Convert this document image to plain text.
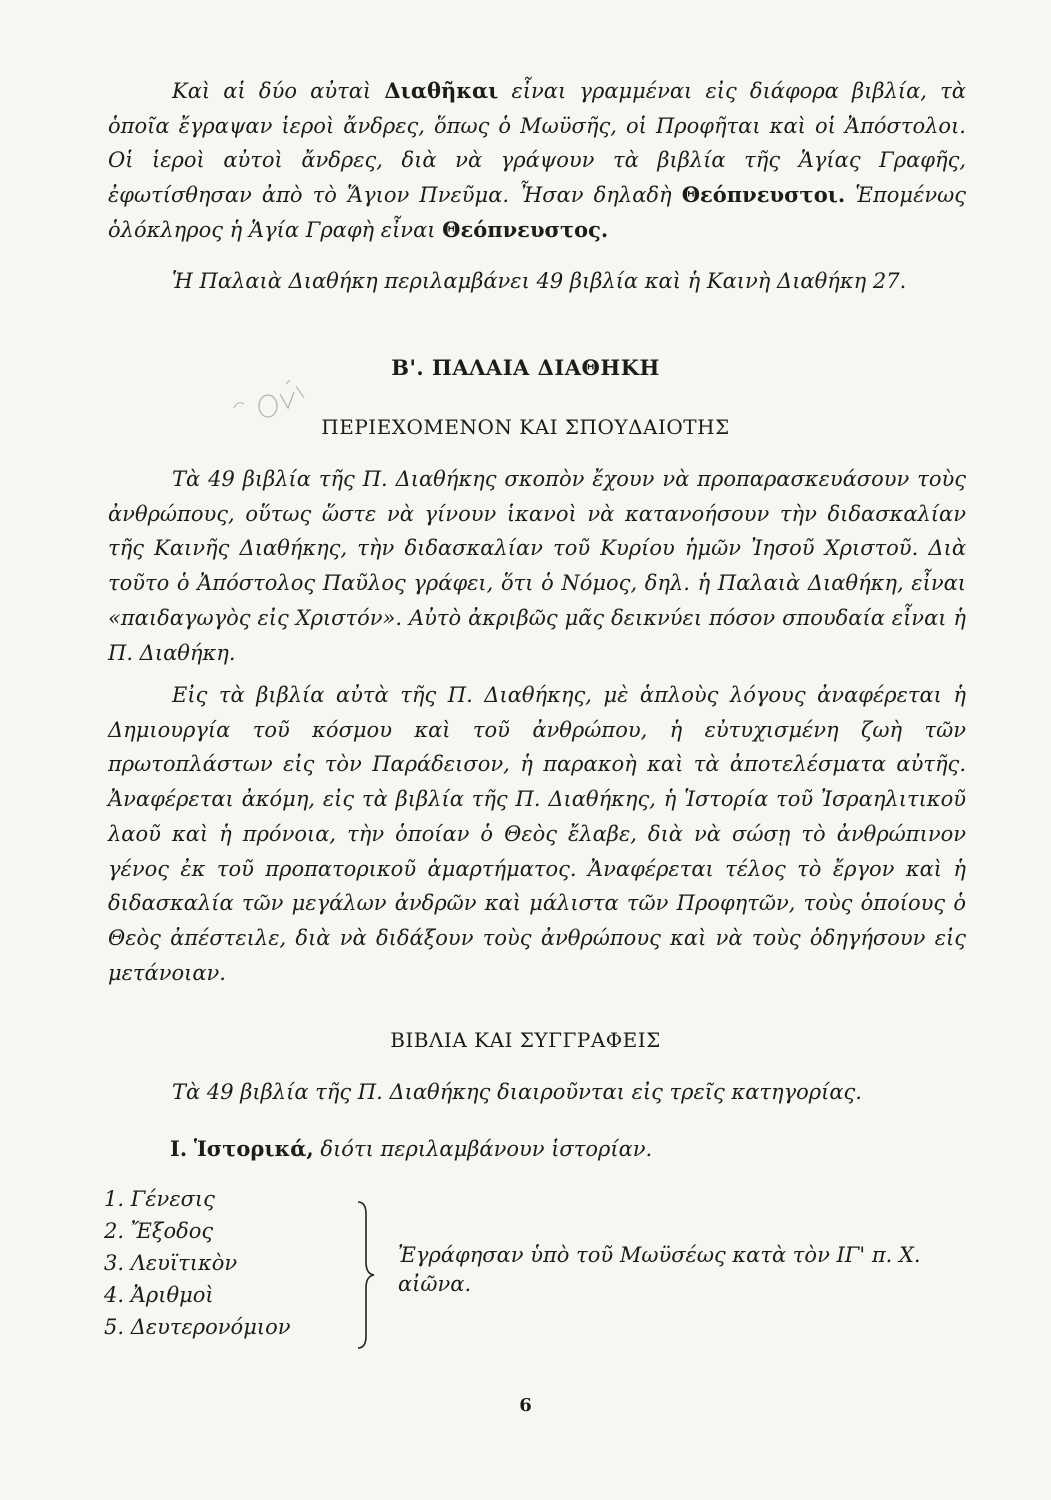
Καὶ αἱ δύο αὐταὶ Διαθῆκαι εἶναι γραμμέναι εἰς διάφορα βιβλία, τὰ ὁποῖα ἔγραψαν ἱεροὶ ἄνδρες, ὅπως ὁ Μωϋσῆς, οἱ Προφῆται καὶ οἱ Ἀπόστολοι. Οἱ ἱεροὶ αὐτοὶ ἄνδρες, διὰ νὰ γράψουν τὰ βιβλία τῆς Ἁγίας Γραφῆς, ἐφωτίσθησαν ἀπὸ τὸ Ἅγιον Πνεῦμα. Ἦσαν δηλαδὴ Θεόπνευστοι. Ἑπομένως ὁλόκληρος ἡ Ἁγία Γραφὴ εἶναι Θεόπνευστος.

Ἡ Παλαιὰ Διαθήκη περιλαμβάνει 49 βιβλία καὶ ἡ Καινὴ Διαθήκη 27.

Β'. ΠΑΛΑΙΑ ΔΙΑΘΗΚΗ

ΠΕΡΙΕΧΟΜΕΝΟΝ ΚΑΙ ΣΠΟΥΔΑΙΟΤΗΣ

Τὰ 49 βιβλία τῆς Π. Διαθήκης σκοπὸν ἔχουν νὰ προπαρασκευάσουν τοὺς ἀνθρώπους, οὕτως ὥστε νὰ γίνουν ἱκανοὶ νὰ κατανοήσουν τὴν διδασκαλίαν τῆς Καινῆς Διαθήκης, τὴν διδασκαλίαν τοῦ Κυρίου ἡμῶν Ἰησοῦ Χριστοῦ. Διὰ τοῦτο ὁ Ἀπόστολος Παῦλος γράφει, ὅτι ὁ Νόμος, δηλ. ἡ Παλαιὰ Διαθήκη, εἶναι «παιδαγωγὸς εἰς Χριστόν». Αὐτὸ ἀκριβῶς μᾶς δεικνύει πόσον σπουδαία εἶναι ἡ Π. Διαθήκη.

Εἰς τὰ βιβλία αὐτὰ τῆς Π. Διαθήκης, μὲ ἁπλοὺς λόγους ἀναφέρεται ἡ Δημιουργία τοῦ κόσμου καὶ τοῦ ἀνθρώπου, ἡ εὐτυχισμένη ζωὴ τῶν πρωτοπλάστων εἰς τὸν Παράδεισον, ἡ παρακοὴ καὶ τὰ ἀποτελέσματα αὐτῆς. Ἀναφέρεται ἀκόμη, εἰς τὰ βιβλία τῆς Π. Διαθήκης, ἡ Ἱστορία τοῦ Ἰσραηλιτικοῦ λαοῦ καὶ ἡ πρόνοια, τὴν ὁποίαν ὁ Θεὸς ἔλαβε, διὰ νὰ σώσῃ τὸ ἀνθρώπινον γένος ἐκ τοῦ προπατορικοῦ ἁμαρτήματος. Ἀναφέρεται τέλος τὸ ἔργον καὶ ἡ διδασκαλία τῶν μεγάλων ἀνδρῶν καὶ μάλιστα τῶν Προφητῶν, τοὺς ὁποίους ὁ Θεὸς ἀπέστειλε, διὰ νὰ διδάξουν τοὺς ἀνθρώπους καὶ νὰ τοὺς ὁδηγήσουν εἰς μετάνοιαν.

ΒΙΒΛΙΑ ΚΑΙ ΣΥΓΓΡΑΦΕΙΣ

Τὰ 49 βιβλία τῆς Π. Διαθήκης διαιροῦνται εἰς τρεῖς κατηγορίας.

I. Ἱστορικά, διότι περιλαμβάνουν ἱστορίαν.

1. Γένεσις
2. Ἔξοδος
3. Λευϊτικὸν
4. Ἀριθμοὶ
5. Δευτερονόμιον

Ἐγράφησαν ὑπὸ τοῦ Μωϋσέως κατὰ τὸν ΙΓ' π. Χ. αἰῶνα.

6
